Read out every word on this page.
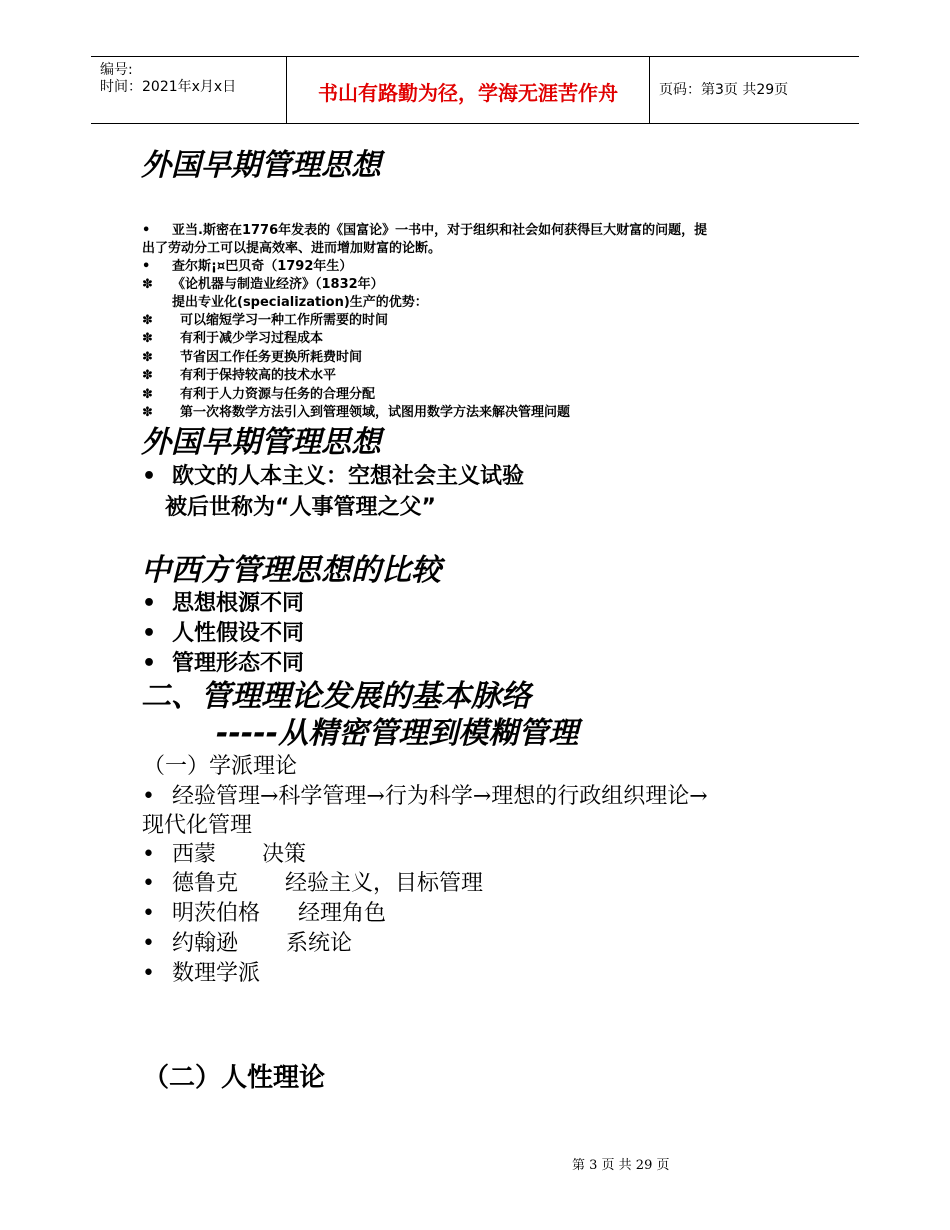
编号:
时间：2021年x月x日	书山有路勤为径，学海无涯苦作舟	页码：第3页 共29页
外国早期管理思想
• 亚当.斯密在1776年发表的《国富论》一书中，对于组织和社会如何获得巨大财富的问题，提
出了劳动分工可以提高效率、进而增加财富的论断。
• 查尔斯¡¤巴贝奇（1792年生）
✽ 《论机器与制造业经济》（1832年）
提出专业化(specialization)生产的优势：
✽ 可以缩短学习一种工作所需要的时间
✽ 有利于减少学习过程成本
✽ 节省因工作任务更换所耗费时间
✽ 有利于保持较高的技术水平
✽ 有利于人力资源与任务的合理分配
✽ 第一次将数学方法引入到管理领域，试图用数学方法来解决管理问题
外国早期管理思想
• 欧文的人本主义：空想社会主义试验
被后世称为“人事管理之父”
中西方管理思想的比较
• 思想根源不同
• 人性假设不同
• 管理形态不同
二、管理理论发展的基本脉络
-----从精密管理到模糊管理
（一）学派理论
• 经验管理→科学管理→行为科学→理想的行政组织理论→
现代化管理
• 西蒙 决策
• 德鲁克 经验主义，目标管理
• 明茨伯格 经理角色
• 约翰逊 系统论
• 数理学派
（二）人性理论
第 3 页 共 29 页
